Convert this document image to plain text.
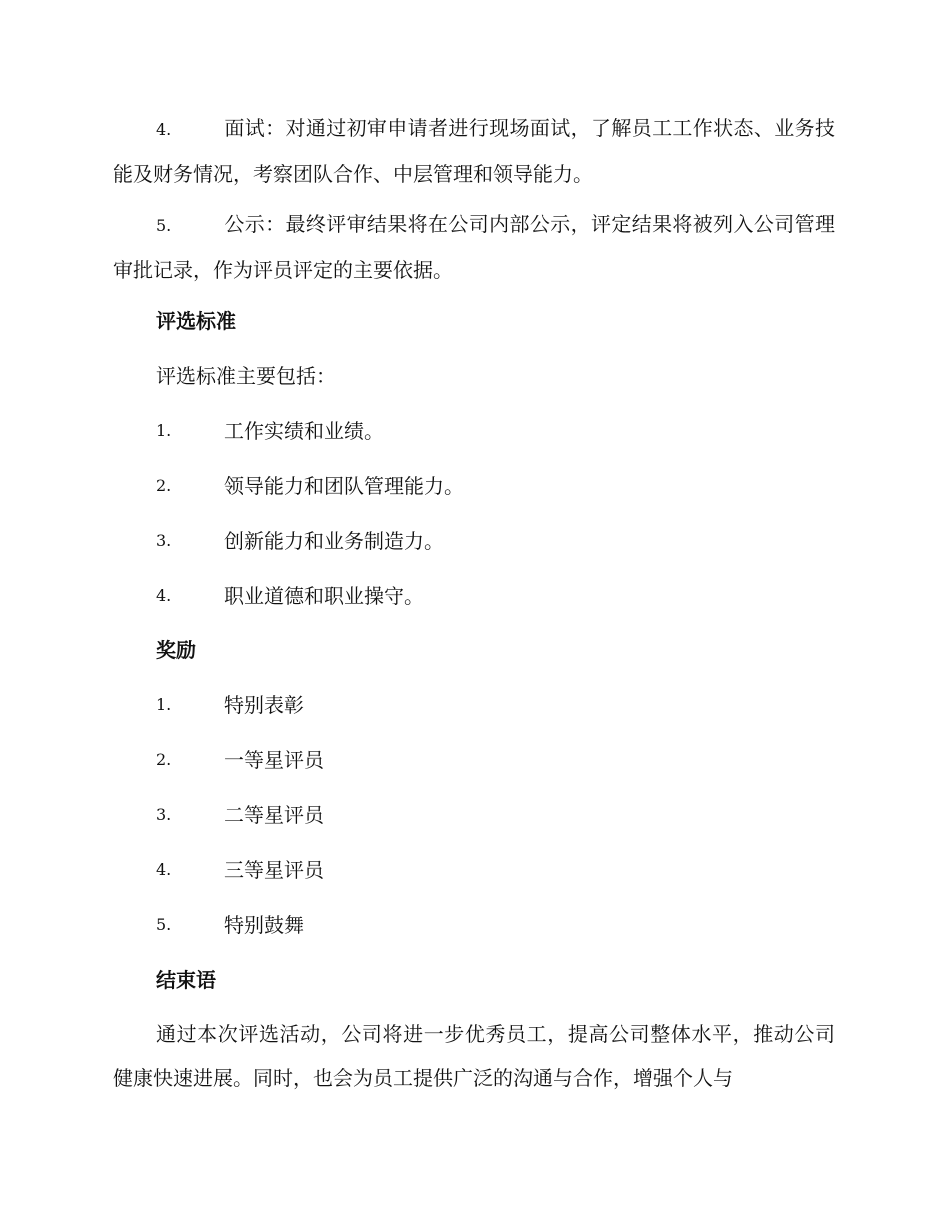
4.	面试：对通过初审申请者进行现场面试，了解员工工作状态、业务技能及财务情况，考察团队合作、中层管理和领导能力。

5.	公示：最终评审结果将在公司内部公示，评定结果将被列入公司管理审批记录，作为评员评定的主要依据。

评选标准
评选标准主要包括：
1.	工作实绩和业绩。
2.	领导能力和团队管理能力。
3.	创新能力和业务制造力。
4.	职业道德和职业操守。
奖励
1.	特别表彰
2.	一等星评员
3.	二等星评员
4.	三等星评员
5.	特别鼓舞
结束语

通过本次评选活动，公司将进一步优秀员工，提高公司整体水平，推动公司健康快速进展。同时，也会为员工提供广泛的沟通与合作，增强个人与
